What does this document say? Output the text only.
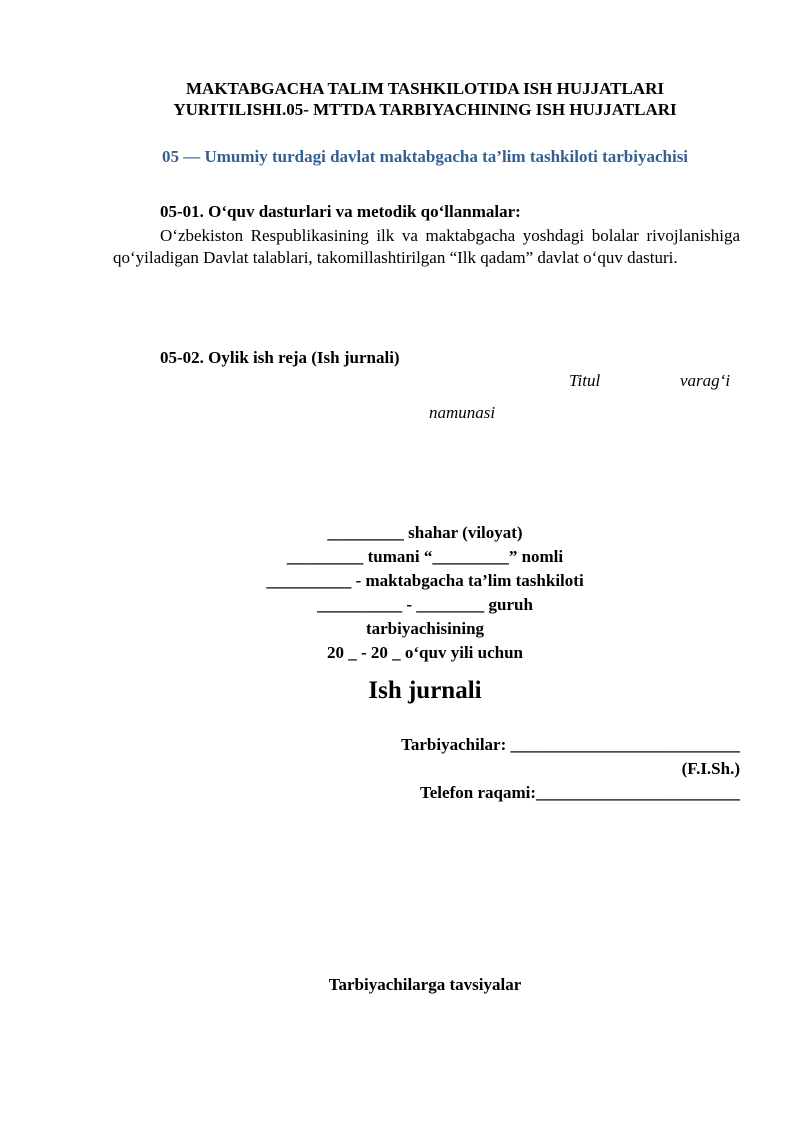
MAKTABGACHA TALIM TASHKILOTIDA ISH HUJJATLARI
YURITILISHI.05- MTTDA TARBIYACHINING ISH HUJJATLARI
05 — Umumiy turdagi davlat maktabgacha ta’lim tashkiloti tarbiyachisi
05-01. O‘quv dasturlari va metodik qo‘llanmalar:
O‘zbekiston Respublikasining ilk va maktabgacha yoshdagi bolalar rivojlanishiga qo‘yiladigan Davlat talablari, takomillashtirilgan “Ilk qadam” davlat o‘quv dasturi.
05-02. Oylik ish reja (Ish jurnali)
Titul	varag‘i
namunasi
_________ shahar (viloyat)
_________ tumani “_________” nomli
__________ - maktabgacha ta’lim tashkiloti
__________ - ________ guruh
tarbiyachisining
20 _ - 20 _ o‘quv yili uchun
Ish jurnali
Tarbiyachilar: ___________________________
(F.I.Sh.)
Telefon raqami:________________________
Tarbiyachilarga tavsiyalar
